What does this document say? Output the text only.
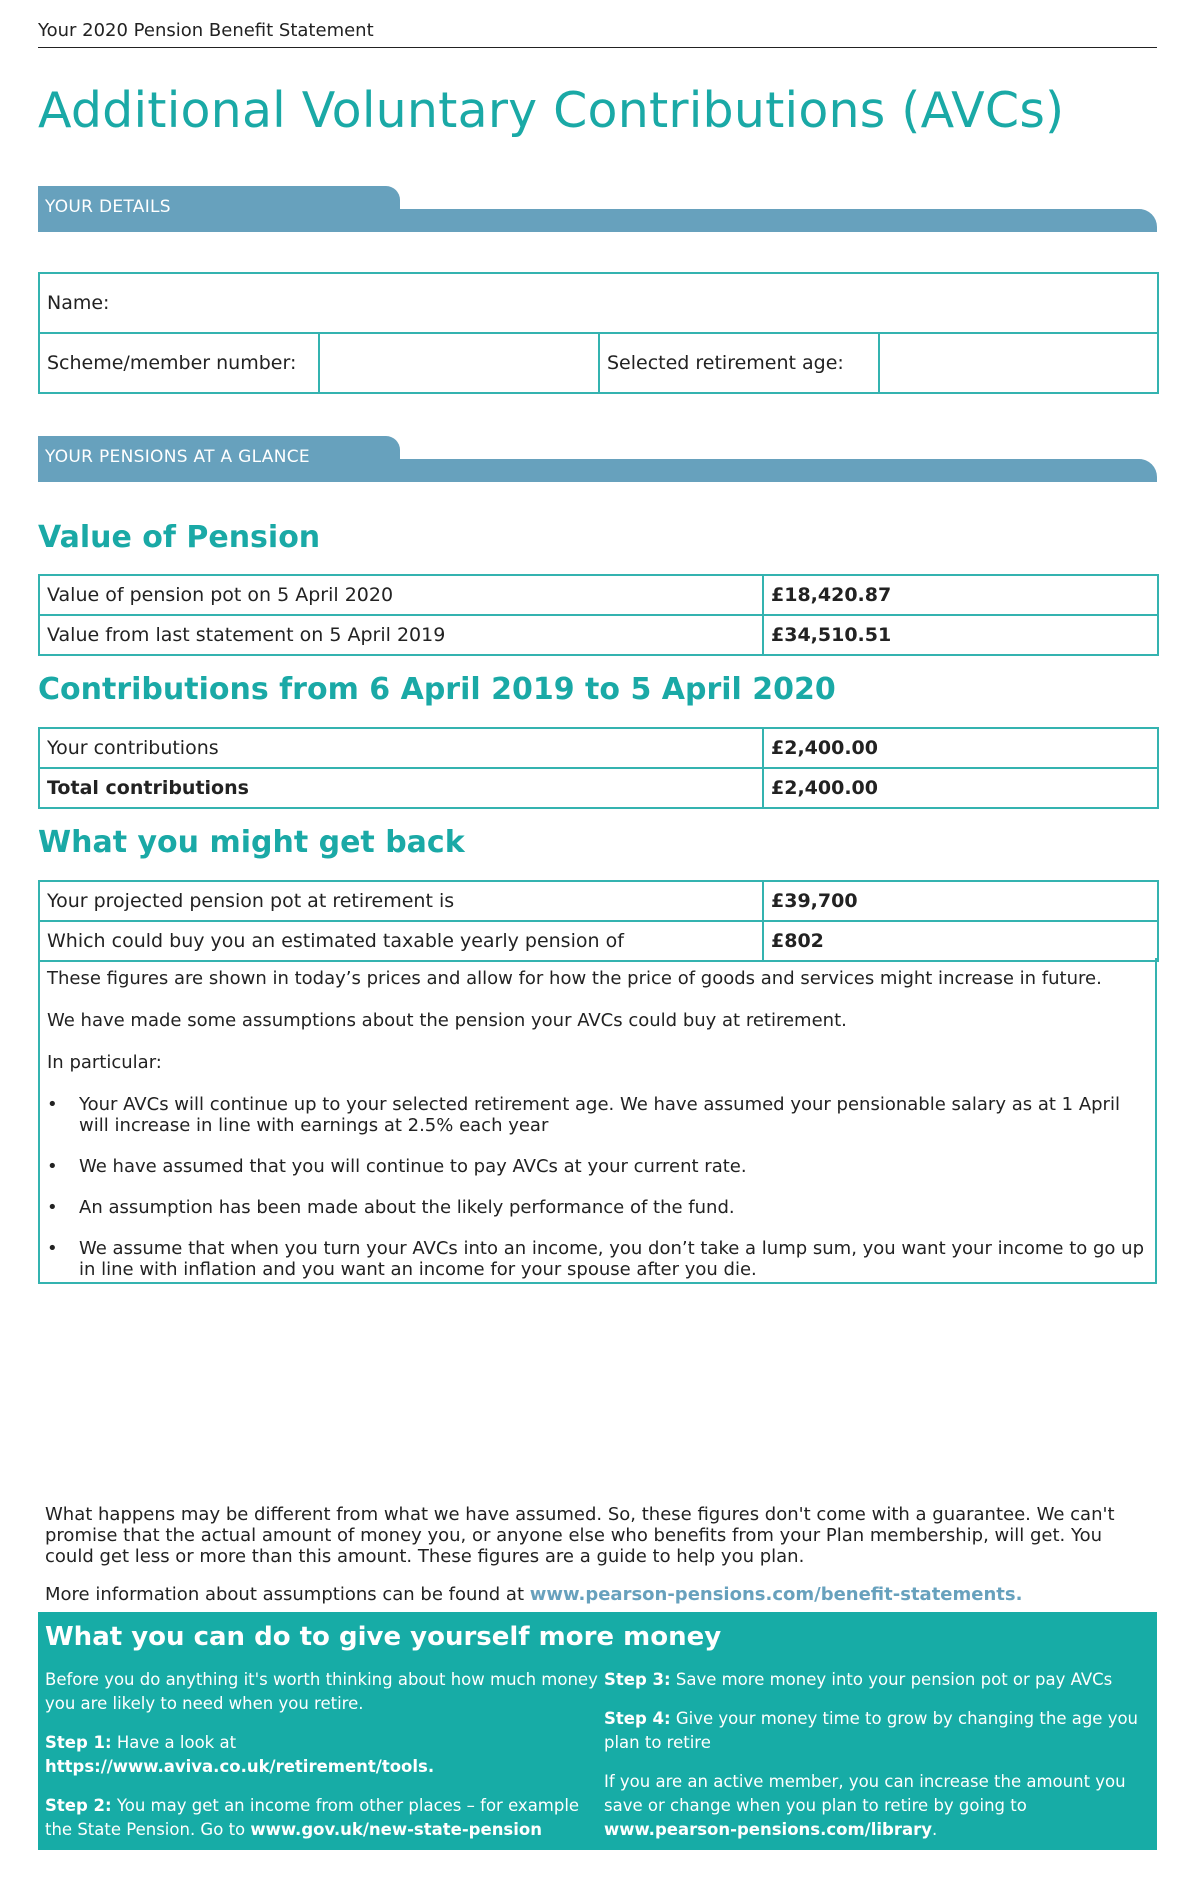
Your 2020 Pension Benefit Statement
Additional Voluntary Contributions (AVCs)
YOUR DETAILS
Name:
Scheme/member number:		Selected retirement age:	
YOUR PENSIONS AT A GLANCE
Value of Pension
Value of pension pot on 5 April 2020	£18,420.87
Value from last statement on 5 April 2019	£34,510.51
Contributions from 6 April 2019 to 5 April 2020
Your contributions	£2,400.00
Total contributions	£2,400.00
What you might get back
Your projected pension pot at retirement is	£39,700
Which could buy you an estimated taxable yearly pension of	£802

These figures are shown in today’s prices and allow for how the price of goods and services might increase in future.

We have made some assumptions about the pension your AVCs could buy at retirement.

In particular:

• Your AVCs will continue up to your selected retirement age. We have assumed your pensionable salary as at 1 April will increase in line with earnings at 2.5% each year
• We have assumed that you will continue to pay AVCs at your current rate.
• An assumption has been made about the likely performance of the fund.
• We assume that when you turn your AVCs into an income, you don’t take a lump sum, you want your income to go up in line with inflation and you want an income for your spouse after you die.

What happens may be different from what we have assumed. So, these figures don't come with a guarantee. We can't promise that the actual amount of money you, or anyone else who benefits from your Plan membership, will get. You could get less or more than this amount. These figures are a guide to help you plan.

More information about assumptions can be found at www.pearson-pensions.com/benefit-statements.

What you can do to give yourself more money

Before you do anything it's worth thinking about how much money you are likely to need when you retire.

Step 1: Have a look at
https://www.aviva.co.uk/retirement/tools.

Step 2: You may get an income from other places – for example the State Pension. Go to www.gov.uk/new-state-pension

Step 3: Save more money into your pension pot or pay AVCs

Step 4: Give your money time to grow by changing the age you plan to retire

If you are an active member, you can increase the amount you save or change when you plan to retire by going to www.pearson-pensions.com/library.
